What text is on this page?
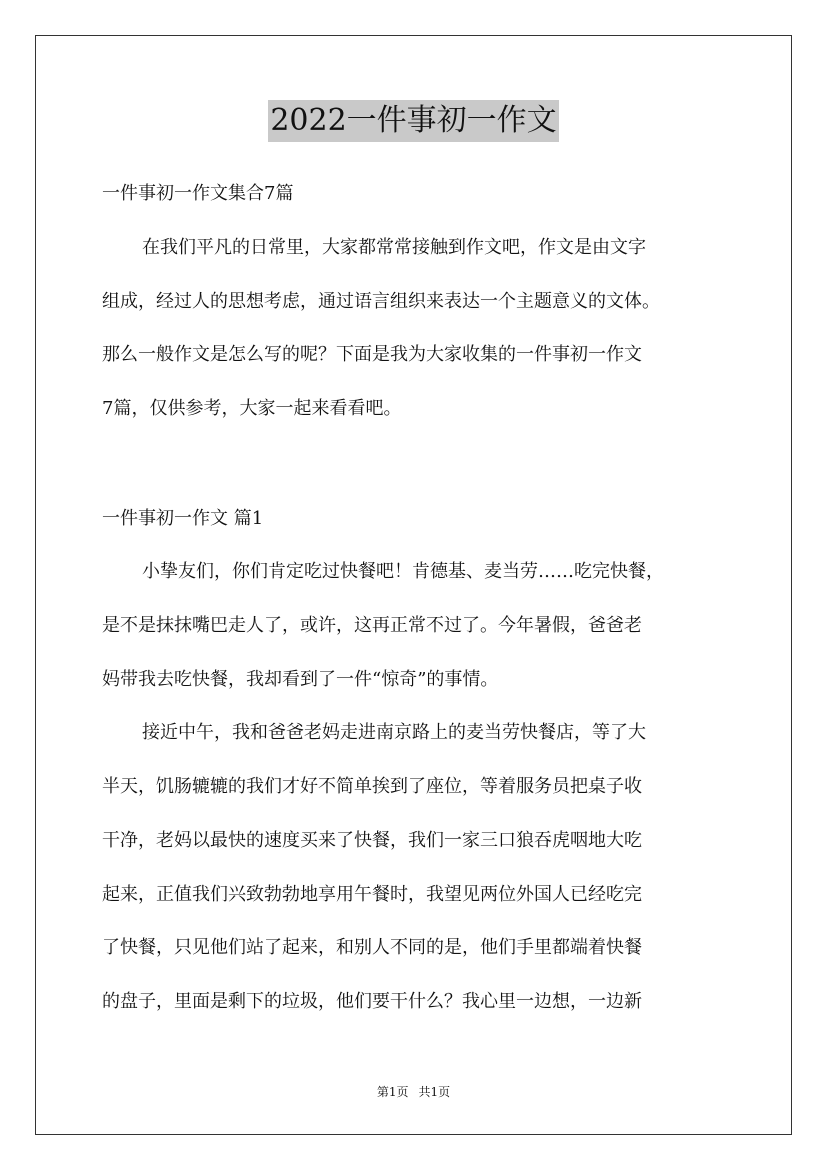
2022一件事初一作文
一件事初一作文集合7篇
在我们平凡的日常里，大家都常常接触到作文吧，作文是由文字
组成，经过人的思想考虑，通过语言组织来表达一个主题意义的文体。
那么一般作文是怎么写的呢？下面是我为大家收集的一件事初一作文
7篇，仅供参考，大家一起来看看吧。
一件事初一作文 篇1
小挚友们，你们肯定吃过快餐吧！肯德基、麦当劳……吃完快餐，
是不是抹抹嘴巴走人了，或许，这再正常不过了。今年暑假，爸爸老
妈带我去吃快餐，我却看到了一件“惊奇”的事情。
接近中午，我和爸爸老妈走进南京路上的麦当劳快餐店，等了大
半天，饥肠辘辘的我们才好不简单挨到了座位，等着服务员把桌子收
干净，老妈以最快的速度买来了快餐，我们一家三口狼吞虎咽地大吃
起来，正值我们兴致勃勃地享用午餐时，我望见两位外国人已经吃完
了快餐，只见他们站了起来，和别人不同的是，他们手里都端着快餐
的盘子，里面是剩下的垃圾，他们要干什么？我心里一边想，一边新
第1页 共1页
